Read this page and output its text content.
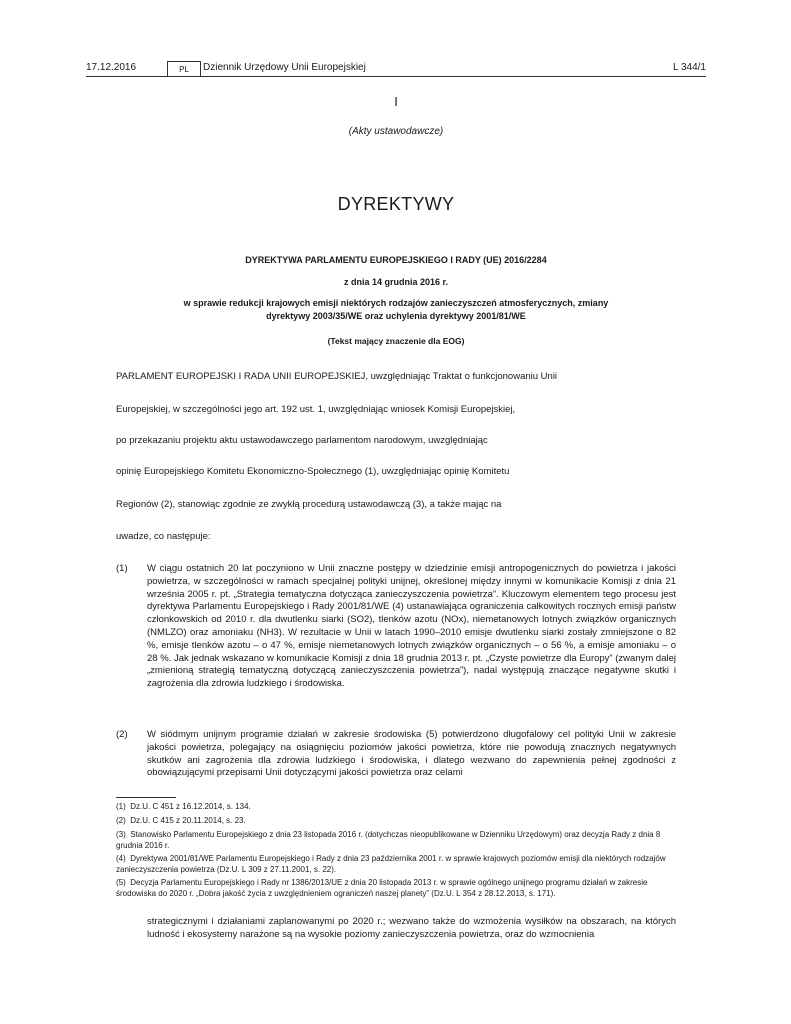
17.12.2016	PL	Dziennik Urzędowy Unii Europejskiej	L 344/1
I
(Akty ustawodawcze)
DYREKTYWY
DYREKTYWA PARLAMENTU EUROPEJSKIEGO I RADY (UE) 2016/2284
z dnia 14 grudnia 2016 r.
w sprawie redukcji krajowych emisji niektórych rodzajów zanieczyszczeń atmosferycznych, zmiany
dyrektywy 2003/35/WE oraz uchylenia dyrektywy 2001/81/WE
(Tekst mający znaczenie dla EOG)
PARLAMENT EUROPEJSKI I RADA UNII EUROPEJSKIEJ, uwzględniając Traktat o funkcjonowaniu Unii
Europejskiej, w szczególności jego art. 192 ust. 1, uwzględniając wniosek Komisji Europejskiej,
po przekazaniu projektu aktu ustawodawczego parlamentom narodowym, uwzględniając
opinię Europejskiego Komitetu Ekonomiczno-Społecznego (1), uwzględniając opinię Komitetu
Regionów (2), stanowiąc zgodnie ze zwykłą procedurą ustawodawczą (3), a także mając na
uwadze, co następuje:
(1) W ciągu ostatnich 20 lat poczyniono w Unii znaczne postępy w dziedzinie emisji antropogenicznych do powietrza i jakości powietrza, w szczególności w ramach specjalnej polityki unijnej, określonej między innymi w komunikacie Komisji z dnia 21 września 2005 r. pt. „Strategia tematyczna dotycząca zanieczyszczenia powietrza”. Kluczowym elementem tego procesu jest dyrektywa Parlamentu Europejskiego i Rady 2001/81/WE (4) ustanawiająca ograniczenia całkowitych rocznych emisji państw członkowskich od 2010 r. dla dwutlenku siarki (SO2), tlenków azotu (NOx), niemetanowych lotnych związków organicznych (NMLZO) oraz amoniaku (NH3). W rezultacie w Unii w latach 1990–2010 emisje dwutlenku siarki zostały zmniejszone o 82 %, emisje tlenków azotu – o 47 %, emisje niemetanowych lotnych związków organicznych – o 56 %, a emisje amoniaku – o 28 %. Jak jednak wskazano w komunikacie Komisji z dnia 18 grudnia 2013 r. pt. „Czyste powietrze dla Europy” (zwanym dalej „zmienioną strategią tematyczną dotyczącą zanieczyszczenia powietrza”), nadal występują znaczące negatywne skutki i zagrożenia dla zdrowia ludzkiego i środowiska.
(2) W siódmym unijnym programie działań w zakresie środowiska (5) potwierdzono długofalowy cel polityki Unii w zakresie jakości powietrza, polegający na osiągnięciu poziomów jakości powietrza, które nie powodują znacznych negatywnych skutków ani zagrożenia dla zdrowia ludzkiego i środowiska, i dlatego wezwano do zapewnienia pełnej zgodności z obowiązującymi przepisami Unii dotyczącymi jakości powietrza oraz celami
(1) Dz.U. C 451 z 16.12.2014, s. 134.
(2) Dz.U. C 415 z 20.11.2014, s. 23.
(3) Stanowisko Parlamentu Europejskiego z dnia 23 listopada 2016 r. (dotychczas nieopublikowane w Dzienniku Urzędowym) oraz decyzja Rady z dnia 8 grudnia 2016 r.
(4) Dyrektywa 2001/81/WE Parlamentu Europejskiego i Rady z dnia 23 października 2001 r. w sprawie krajowych poziomów emisji dla niektórych rodzajów zanieczyszczenia powietrza (Dz.U. L 309 z 27.11.2001, s. 22).
(5) Decyzja Parlamentu Europejskiego i Rady nr 1386/2013/UE z dnia 20 listopada 2013 r. w sprawie ogólnego unijnego programu działań w zakresie środowiska do 2020 r. „Dobra jakość życia z uwzględnieniem ograniczeń naszej planety” (Dz.U. L 354 z 28.12.2013, s. 171).
strategicznymi i działaniami zaplanowanymi po 2020 r.; wezwano także do wzmożenia wysiłków na obszarach, na których ludność i ekosystemy narażone są na wysokie poziomy zanieczyszczenia powietrza, oraz do wzmocnienia
